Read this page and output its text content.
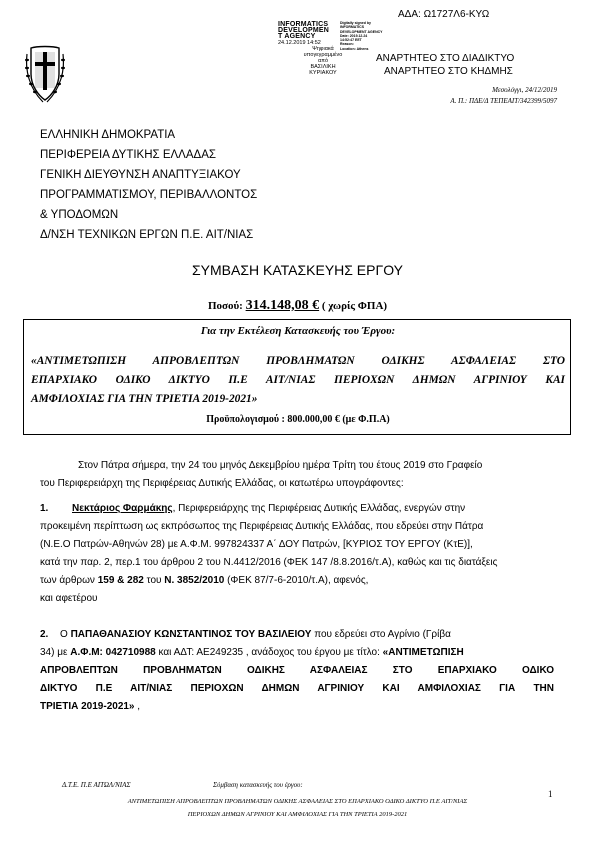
ΑΔΑ: Ω1727Λ6-ΚΥΩ
INFORMATICS
DEVELOPMEN
T AGENCY
24.12.2019 14:52
Ψηφιακά
υπογεγραμμένο
από
ΒΑΣΙΛΙΚΗ
ΚΥΡΙΑΚΟΥ
Digitally signed by
INFORMATICS
DEVELOPMENT AGENCY
Date: 2019.12.24
14:52:47 EET
Reason:
Location: Athens
ΑΝΑΡΤΗΤΕΟ ΣΤΟ ΔΙΑΔΙΚΤΥΟ
ΑΝΑΡΤΗΤΕΟ ΣΤΟ ΚΗΔΜΗΣ
Μεσολόγγι, 24/12/2019
Α. Π.: ΠΔΕ/Δ ΤΕΠΕΑΙΤ/342399/5097
ΕΛΛΗΝΙΚΗ ΔΗΜΟΚΡΑΤΙΑ
ΠΕΡΙΦΕΡΕΙΑ ΔΥΤΙΚΗΣ ΕΛΛΑΔΑΣ
ΓΕΝΙΚΗ ΔΙΕΥΘΥΝΣΗ ΑΝΑΠΤΥΞΙΑΚΟΥ
ΠΡΟΓΡΑΜΜΑΤΙΣΜΟΥ, ΠΕΡΙΒΑΛΛΟΝΤΟΣ
& ΥΠΟΔΟΜΩΝ
Δ/ΝΣΗ ΤΕΧΝΙΚΩΝ ΕΡΓΩΝ Π.Ε. ΑΙΤ/ΝΙΑΣ
ΣΥΜΒΑΣΗ ΚΑΤΑΣΚΕΥΗΣ ΕΡΓΟΥ
Ποσού: 314.148,08 € ( χωρίς ΦΠΑ)
Για την Εκτέλεση Κατασκευής του Έργου:
«ΑΝΤΙΜΕΤΩΠΙΣΗ ΑΠΡΟΒΛΕΠΤΩΝ ΠΡΟΒΛΗΜΑΤΩΝ ΟΔΙΚΗΣ ΑΣΦΑΛΕΙΑΣ ΣΤΟ
ΕΠΑΡΧΙΑΚΟ ΟΔΙΚΟ ΔΙΚΤΥΟ Π.Ε ΑΙΤ/ΝΙΑΣ ΠΕΡΙΟΧΩΝ ΔΗΜΩΝ ΑΓΡΙΝΙΟΥ ΚΑΙ
ΑΜΦΙΛΟΧΙΑΣ ΓΙΑ ΤΗΝ ΤΡΙΕΤΙΑ 2019-2021»
Προϋπολογισμού : 800.000,00 € (με Φ.Π.Α)
Στον Πάτρα σήμερα, την 24 του μηνός Δεκεμβρίου ημέρα Τρίτη του έτους 2019 στο Γραφείο
του Περιφερειάρχη της Περιφέρειας Δυτικής Ελλάδας, οι κατωτέρω υπογράφοντες:
1. Νεκτάριος Φαρμάκης, Περιφερειάρχης της Περιφέρειας Δυτικής Ελλάδας, ενεργών στην
προκειμένη περίπτωση ως εκπρόσωπος της Περιφέρειας Δυτικής Ελλάδας, που εδρεύει στην Πάτρα
(Ν.Ε.Ο Πατρών-Αθηνών 28) με Α.Φ.Μ. 997824337 Α΄ ΔΟΥ Πατρών, [ΚΥΡΙΟΣ ΤΟΥ ΕΡΓΟΥ (ΚτΕ)],
κατά την παρ. 2, περ.1 του άρθρου 2 του Ν.4412/2016 (ΦΕΚ 147 /8.8.2016/τ.Α), καθώς και τις διατάξεις
των άρθρων 159 & 282 του Ν. 3852/2010 (ΦΕΚ 87/7-6-2010/τ.Α), αφενός,
και αφετέρου
2. Ο ΠΑΠΑΘΑΝΑΣΙΟΥ ΚΩΝΣΤΑΝΤΙΝΟΣ ΤΟΥ ΒΑΣΙΛΕΙΟΥ που εδρεύει στο Αγρίνιο (Γρίβα
34) με Α.Φ.Μ: 042710988 και ΑΔΤ: ΑΕ249235 , ανάδοχος του έργου με τίτλο: «ΑΝΤΙΜΕΤΩΠΙΣΗ
ΑΠΡΟΒΛΕΠΤΩΝ ΠΡΟΒΛΗΜΑΤΩΝ ΟΔΙΚΗΣ ΑΣΦΑΛΕΙΑΣ ΣΤΟ ΕΠΑΡΧΙΑΚΟ ΟΔΙΚΟ
ΔΙΚΤΥΟ Π.Ε ΑΙΤ/ΝΙΑΣ ΠΕΡΙΟΧΩΝ ΔΗΜΩΝ ΑΓΡΙΝΙΟΥ ΚΑΙ ΑΜΦΙΛΟΧΙΑΣ ΓΙΑ ΤΗΝ
ΤΡΙΕΤΙΑ 2019-2021» ,
Δ.Τ.Ε. Π.Ε ΑΙΤΩΛ/ΝΙΑΣ	Σύμβαση κατασκευής του έργου:
1
ΑΝΤΙΜΕΤΩΠΙΣΗ ΑΠΡΟΒΛΕΠΤΩΝ ΠΡΟΒΛΗΜΑΤΩΝ ΟΔΙΚΗΣ ΑΣΦΑΛΕΙΑΣ ΣΤΟ ΕΠΑΡΧΙΑΚΟ ΟΔΙΚΟ ΔΙΚΤΥΟ Π.Ε ΑΙΤ/ΝΙΑΣ
ΠΕΡΙΟΧΩΝ ΔΗΜΩΝ ΑΓΡΙΝΙΟΥ ΚΑΙ ΑΜΦΙΛΟΧΙΑΣ ΓΙΑ ΤΗΝ ΤΡΙΕΤΙΑ 2019-2021
